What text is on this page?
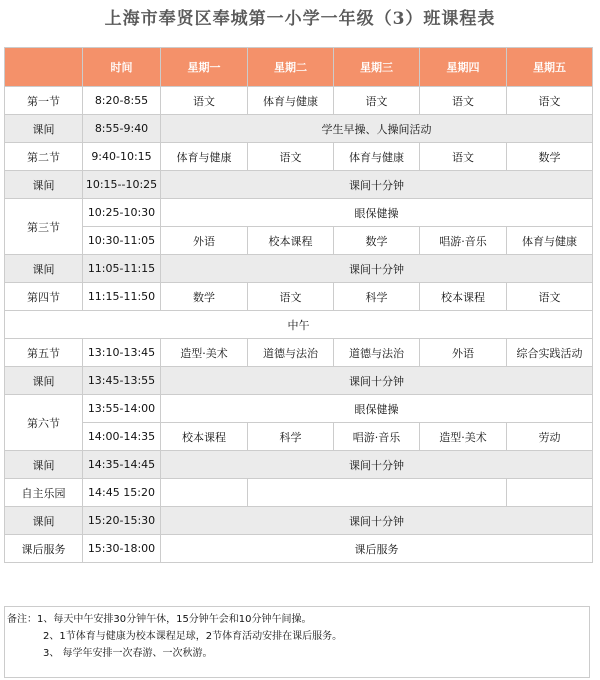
上海市奉贤区奉城第一小学一年级（3）班课程表
	时间	星期一	星期二	星期三	星期四	星期五
第一节	8:20-8:55	语文	体育与健康	语文	语文	语文
课间	8:55-9:40	学生早操、人操间活动				
第二节	9:40-10:15	体育与健康	语文	体育与健康	语文	数学
课间	10:15--10:25	课间十分钟				
第三节	10:25-10:30	眼保健操				
	10:30-11:05	外语	校本课程	数学	唱游·音乐	体育与健康
课间	11:05-11:15	课间十分钟				
第四节	11:15-11:50	数学	语文	科学	校本课程	语文
中午						
第五节	13:10-13:45	造型·美术	道德与法治	道德与法治	外语	综合实践活动
课间	13:45-13:55	课间十分钟				
第六节	13:55-14:00	眼保健操				
	14:00-14:35	校本课程	科学	唱游·音乐	造型·美术	劳动
课间	14:35-14:45	课间十分钟				
自主乐园	14:45 15:20					
课间	15:20-15:30	课间十分钟				
课后服务	15:30-18:00	课后服务				
备注：1、每天中午安排30分钟午休，15分钟午会和10分钟午间操。
2、1节体育与健康为校本课程足球，2节体育活动安排在课后服务。
3、 每学年安排一次春游、一次秋游。
